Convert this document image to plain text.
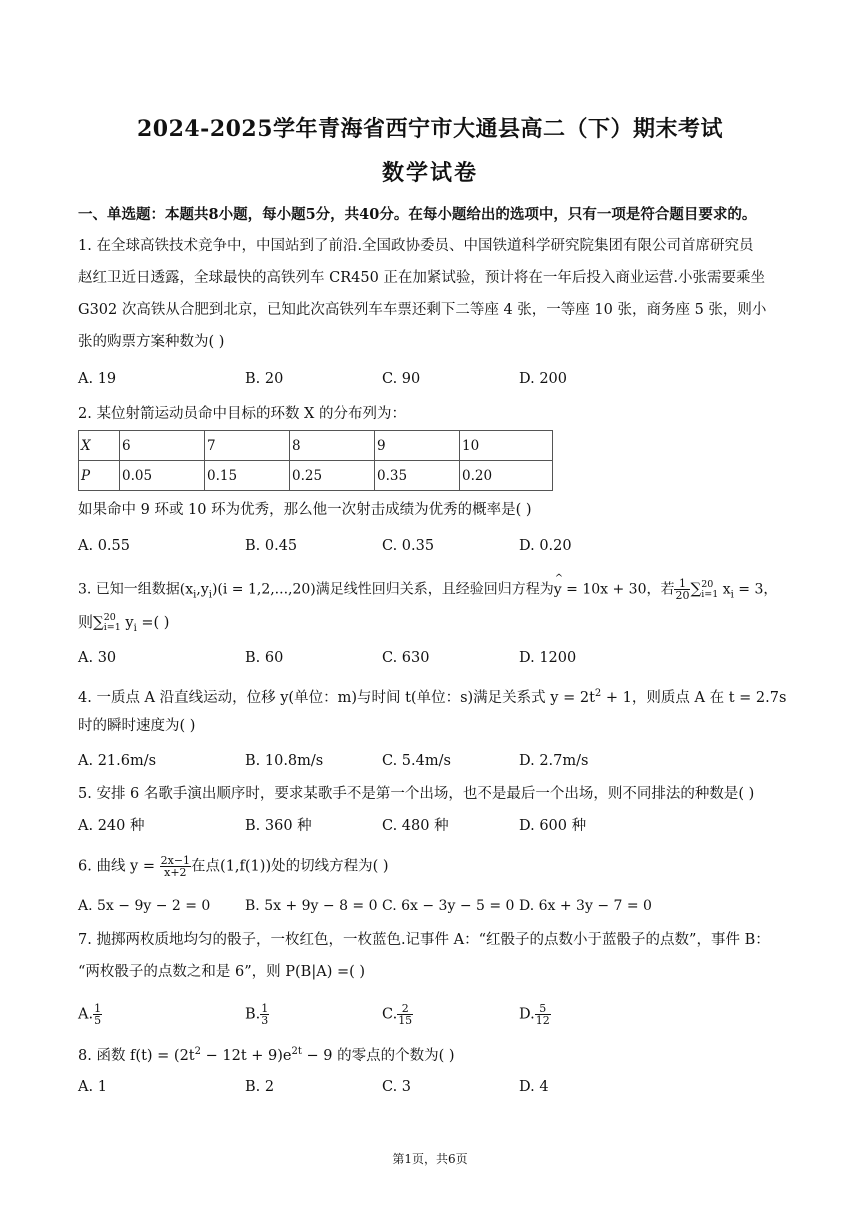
2024-2025学年青海省西宁市大通县高二（下）期末考试
数学试卷
一、单选题：本题共8小题，每小题5分，共40分。在每小题给出的选项中，只有一项是符合题目要求的。
1. 在全球高铁技术竞争中，中国站到了前沿.全国政协委员、中国铁道科学研究院集团有限公司首席研究员
赵红卫近日透露，全球最快的高铁列车 CR450 正在加紧试验，预计将在一年后投入商业运营.小张需要乘坐
G302 次高铁从合肥到北京，已知此次高铁列车车票还剩下二等座 4 张，一等座 10 张，商务座 5 张，则小
张的购票方案种数为( )
A. 19	B. 20	C. 90	D. 200
2. 某位射箭运动员命中目标的环数 X 的分布列为：
X	6	7	8	9	10
P	0.05	0.15	0.25	0.35	0.20
如果命中 9 环或 10 环为优秀，那么他一次射击成绩为优秀的概率是( )
A. 0.55	B. 0.45	C. 0.35	D. 0.20
3. 已知一组数据$(x_i,y_i)(i = 1,2,...,20)$满足线性回归关系，且经验回归方程为^ y = 10x + 30，若 $\frac{1}{20}$ ∑ 20
i=1 $x_i = 3$，
则∑ 20
i=1 $y_i$ =( )
A. 30	B. 60	C. 630	D. 1200
4. 一质点 A 沿直线运动，位移 y(单位：m)与时间 t(单位：s)满足关系式 $y = 2t^2 + 1$，则质点 A 在 t = 2.7s
时的瞬时速度为( )
A. 21.6m/s	B. 10.8m/s	C. 5.4m/s	D. 2.7m/s
5. 安排 6 名歌手演出顺序时，要求某歌手不是第一个出场，也不是最后一个出场，则不同排法的种数是( )
A. 240 种	B. 360 种	C. 480 种	D. 600 种
6. 曲线 $y = \frac{2x-1}{x+2}$ 在点(1,f(1))处的切线方程为( )
A. 5x − 9y − 2 = 0 B. 5x + 9y − 8 = 0 C. 6x − 3y − 5 = 0 D. 6x + 3y − 7 = 0
7. 抛掷两枚质地均匀的骰子，一枚红色，一枚蓝色.记事件 A：“红骰子的点数小于蓝骰子的点数”，事件 B：
“两枚骰子的点数之和是 6”，则 P(B|A) =( )
A. $\frac{1}{5}$	B. $\frac{1}{3}$	C. $\frac{2}{15}$	D. $\frac{5}{12}$
8. 函数 $f(t) = (2t^2 - 12t + 9)e^{2t} - 9$ 的零点的个数为( )
A. 1	B. 2	C. 3	D. 4
第1页，共6页
